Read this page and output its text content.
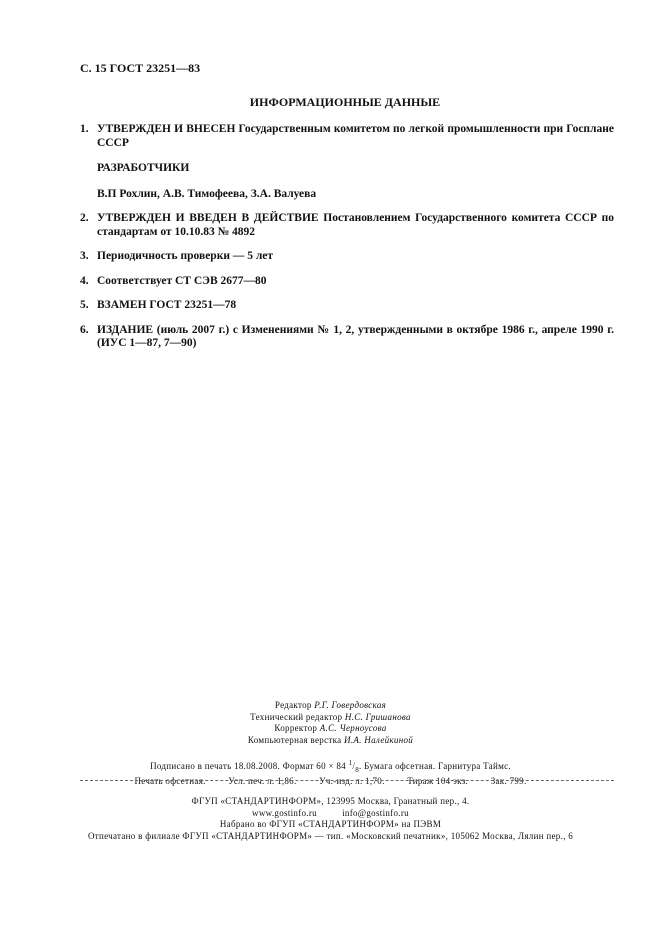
С. 15 ГОСТ 23251—83
ИНФОРМАЦИОННЫЕ ДАННЫЕ
1. УТВЕРЖДЕН И ВНЕСЕН Государственным комитетом по легкой промышленности при Госплане СССР
РАЗРАБОТЧИКИ
В.П Рохлин, А.В. Тимофеева, З.А. Валуева
2. УТВЕРЖДЕН И ВВЕДЕН В ДЕЙСТВИЕ Постановлением Государственного комитета СССР по стандартам от 10.10.83 № 4892
3. Периодичность проверки — 5 лет
4. Соответствует СТ СЭВ 2677—80
5. ВЗАМЕН ГОСТ 23251—78
6. ИЗДАНИЕ (июль 2007 г.) с Изменениями № 1, 2, утвержденными в октябре 1986 г., апреле 1990 г. (ИУС 1—87, 7—90)
Редактор Р.Г. Говердовская
Технический редактор Н.С. Гришанова
Корректор А.С. Черноусова
Компьютерная верстка И.А. Налейкиной
Подписано в печать 18.08.2008. Формат 60 × 84 $^1/_8$. Бумага офсетная. Гарнитура Таймс.
Печать офсетная.	Усл. печ. л. 1,86.	Уч.-изд. л. 1,70.	Тираж 104 экз.	Зак. 799.
ФГУП «СТАНДАРТИНФОРМ», 123995 Москва, Гранатный пер., 4.
www.gostinfo.ru	info@gostinfo.ru
Набрано во ФГУП «СТАНДАРТИНФОРМ» на ПЭВМ
Отпечатано в филиале ФГУП «СТАНДАРТИНФОРМ» — тип. «Московский печатник», 105062 Москва, Лялин пер., 6
